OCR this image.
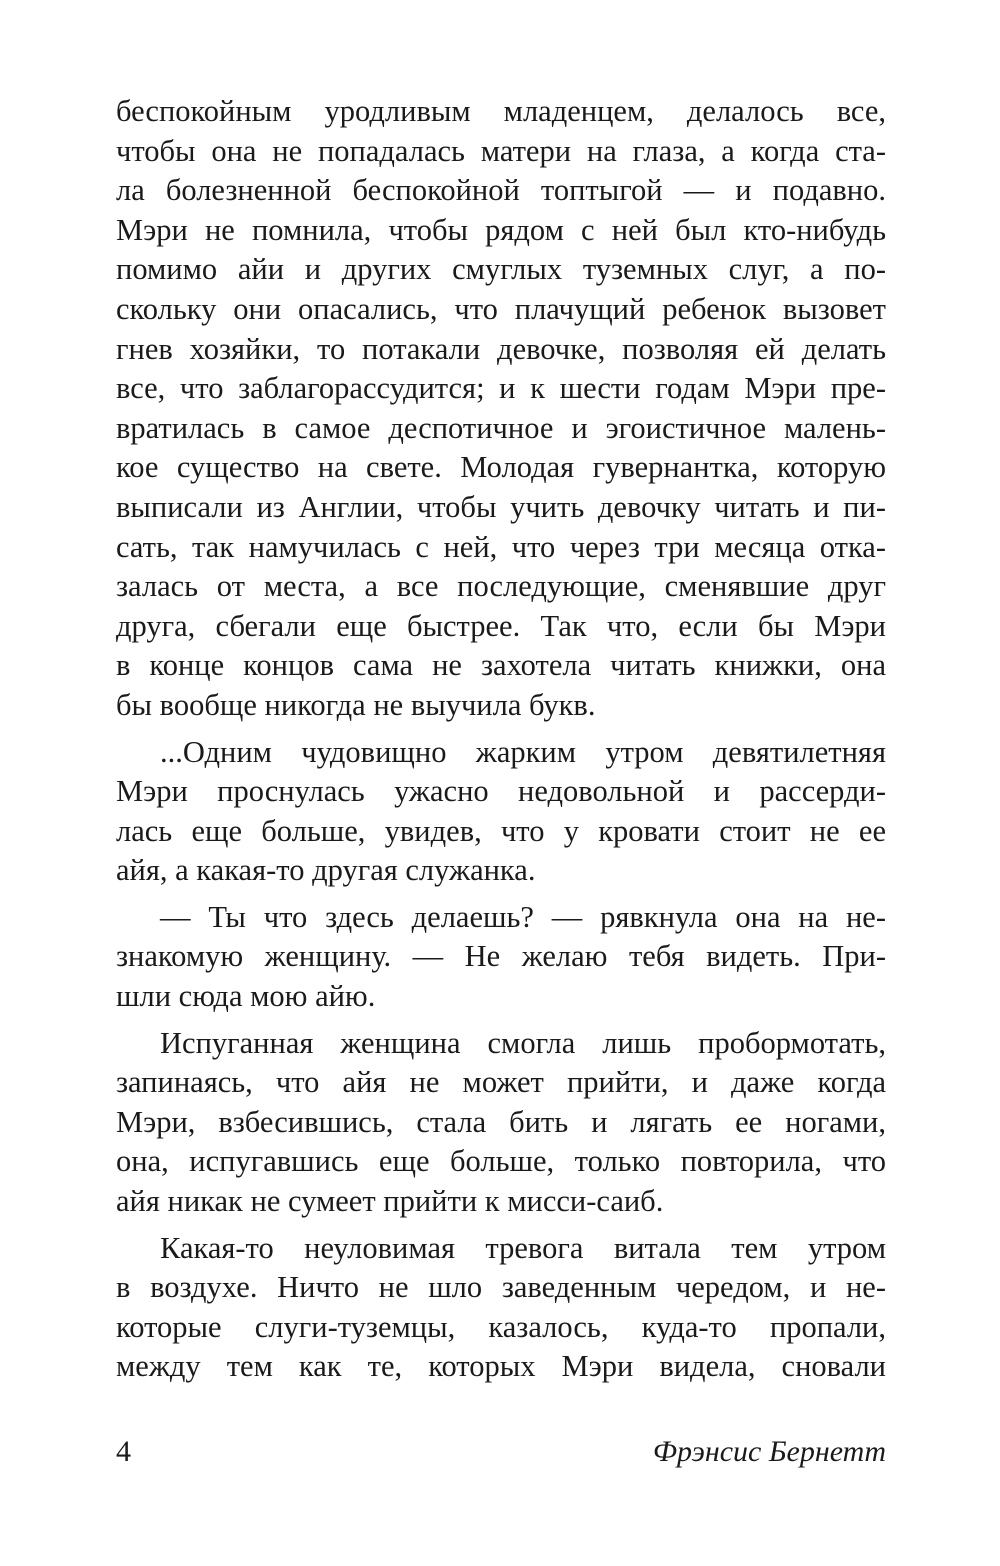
беспокойным уродливым младенцем, делалось все,
чтобы она не попадалась матери на глаза, а когда ста-
ла болезненной беспокойной топтыгой — и подавно.
Мэри не помнила, чтобы рядом с ней был кто-нибудь
помимо айи и других смуглых туземных слуг, а по-
скольку они опасались, что плачущий ребенок вызовет
гнев хозяйки, то потакали девочке, позволяя ей делать
все, что заблагорассудится; и к шести годам Мэри пре-
вратилась в самое деспотичное и эгоистичное малень-
кое существо на свете. Молодая гувернантка, которую
выписали из Англии, чтобы учить девочку читать и пи-
сать, так намучилась с ней, что через три месяца отка-
залась от места, а все последующие, сменявшие друг
друга, сбегали еще быстрее. Так что, если бы Мэри
в конце концов сама не захотела читать книжки, она
бы вообще никогда не выучила букв.

...Одним чудовищно жарким утром девятилетняя
Мэри проснулась ужасно недовольной и рассерди-
лась еще больше, увидев, что у кровати стоит не ее
айя, а какая-то другая служанка.

— Ты что здесь делаешь? — рявкнула она на не-
знакомую женщину. — Не желаю тебя видеть. При-
шли сюда мою айю.

Испуганная женщина смогла лишь пробормотать,
запинаясь, что айя не может прийти, и даже когда
Мэри, взбесившись, стала бить и лягать ее ногами,
она, испугавшись еще больше, только повторила, что
айя никак не сумеет прийти к мисси-саиб.

Какая-то неуловимая тревога витала тем утром
в воздухе. Ничто не шло заведенным чередом, и не-
которые слуги-туземцы, казалось, куда-то пропали,
между тем как те, которых Мэри видела, сновали

4	Фрэнсис Бернетт
